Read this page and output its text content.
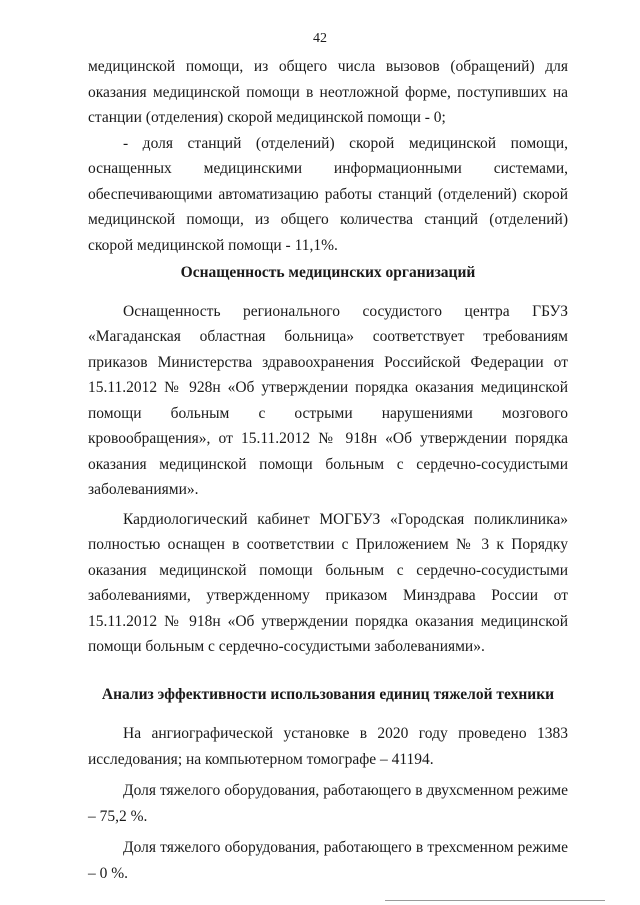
42

медицинской помощи, из общего числа вызовов (обращений) для оказания медицинской помощи в неотложной форме, поступивших на станции (отделения) скорой медицинской помощи - 0;

- доля станций (отделений) скорой медицинской помощи, оснащенных медицинскими информационными системами, обеспечивающими автоматизацию работы станций (отделений) скорой медицинской помощи, из общего количества станций (отделений) скорой медицинской помощи - 11,1%.

Оснащенность медицинских организаций

Оснащенность регионального сосудистого центра ГБУЗ «Магаданская областная больница» соответствует требованиям приказов Министерства здравоохранения Российской Федерации от 15.11.2012 № 928н «Об утверждении порядка оказания медицинской помощи больным с острыми нарушениями мозгового кровообращения», от 15.11.2012 № 918н «Об утверждении порядка оказания медицинской помощи больным с сердечно-сосудистыми заболеваниями».

Кардиологический кабинет МОГБУЗ «Городская поликлиника» полностью оснащен в соответствии с Приложением № 3 к Порядку оказания медицинской помощи больным с сердечно-сосудистыми заболеваниями, утвержденному приказом Минздрава России от 15.11.2012 № 918н «Об утверждении порядка оказания медицинской помощи больным с сердечно-сосудистыми заболеваниями».

Анализ эффективности использования единиц тяжелой техники

На ангиографической установке в 2020 году проведено 1383 исследования; на компьютерном томографе – 41194.

Доля тяжелого оборудования, работающего в двухсменном режиме – 75,2 %.

Доля тяжелого оборудования, работающего в трехсменном режиме – 0 %.
